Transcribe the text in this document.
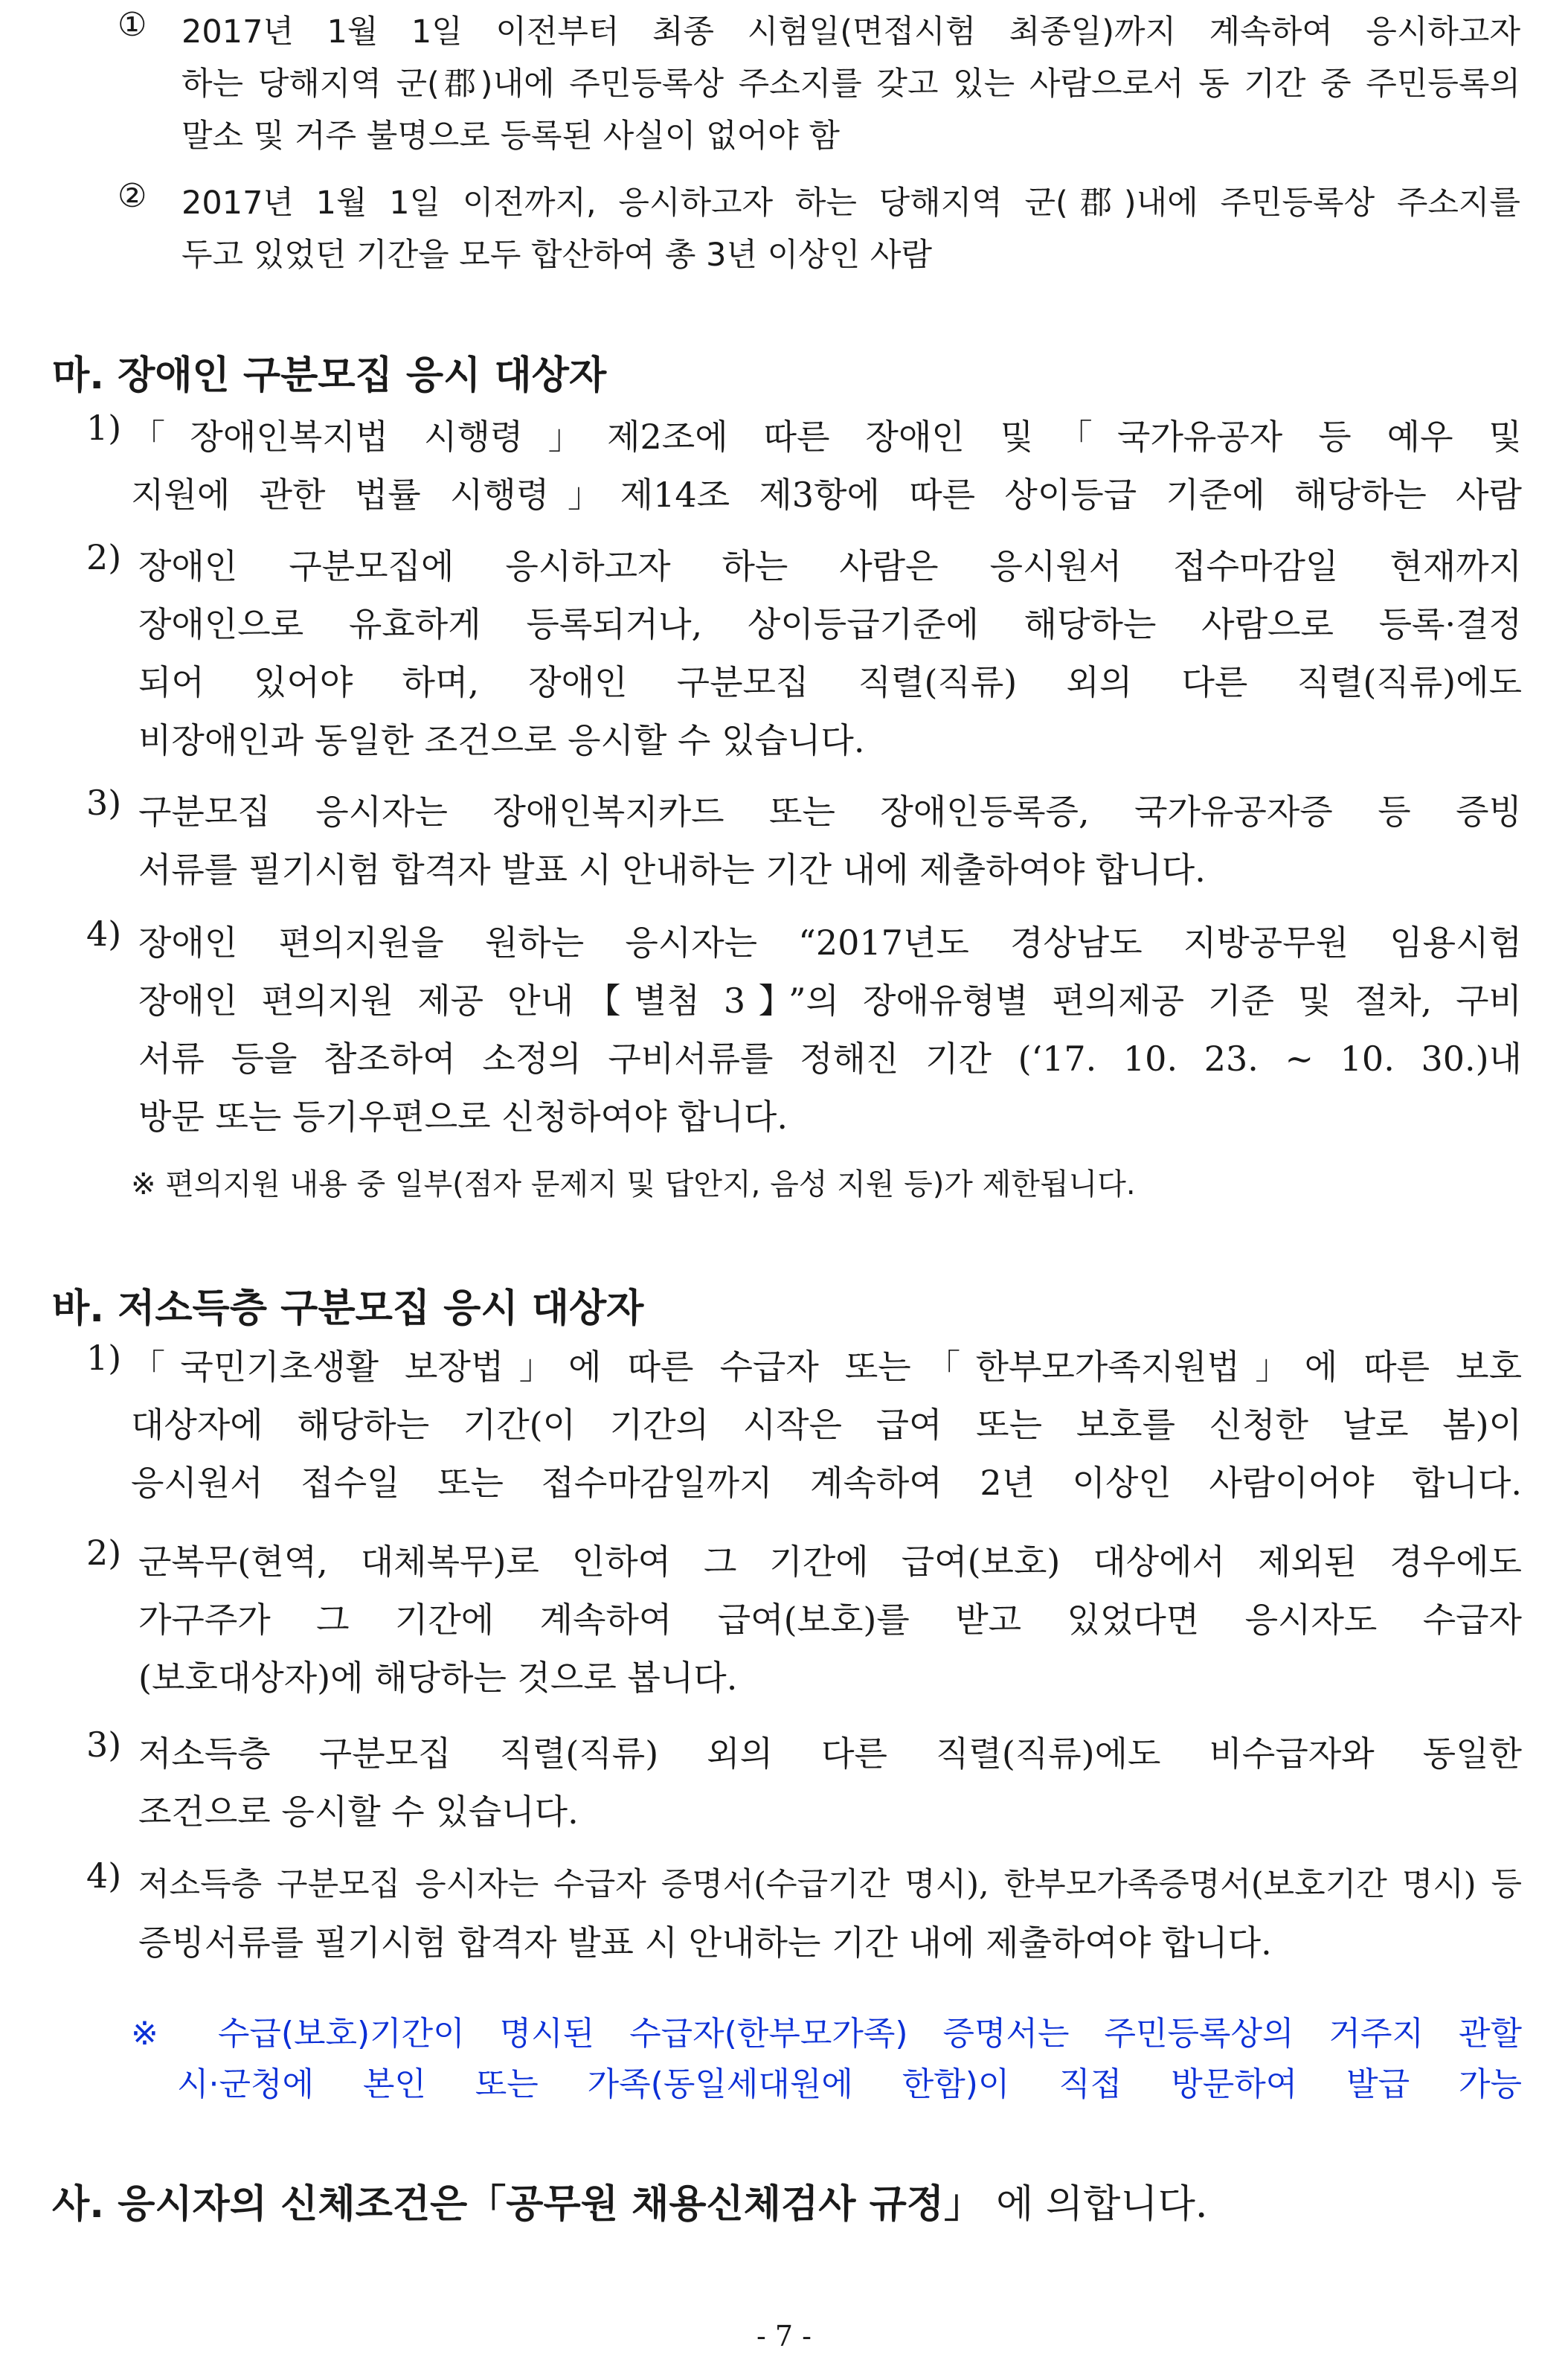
① 2017년 1월 1일 이전부터 최종 시험일(면접시험 최종일)까지 계속하여 응시하고자
하는 당해지역 군(郡)내에 주민등록상 주소지를 갖고 있는 사람으로서 동 기간 중 주민등록의
말소 및 거주 불명으로 등록된 사실이 없어야 함
② 2017년 1월 1일 이전까지, 응시하고자 하는 당해지역 군(郡)내에 주민등록상 주소지를
두고 있었던 기간을 모두 합산하여 총 3년 이상인 사람
마. 장애인 구분모집 응시 대상자
1) 「장애인복지법 시행령」제2조에 따른 장애인 및「국가유공자 등 예우 및
지원에 관한 법률 시행령」제14조 제3항에 따른 상이등급 기준에 해당하는 사람
2) 장애인 구분모집에 응시하고자 하는 사람은 응시원서 접수마감일 현재까지
장애인으로 유효하게 등록되거나, 상이등급기준에 해당하는 사람으로 등록·결정
되어 있어야 하며, 장애인 구분모집 직렬(직류) 외의 다른 직렬(직류)에도
비장애인과 동일한 조건으로 응시할 수 있습니다.
3) 구분모집 응시자는 장애인복지카드 또는 장애인등록증, 국가유공자증 등 증빙
서류를 필기시험 합격자 발표 시 안내하는 기간 내에 제출하여야 합니다.
4) 장애인 편의지원을 원하는 응시자는 “2017년도 경상남도 지방공무원 임용시험
장애인 편의지원 제공 안내【별첨 3】”의 장애유형별 편의제공 기준 및 절차, 구비
서류 등을 참조하여 소정의 구비서류를 정해진 기간 (‘17. 10. 23. ~ 10. 30.)내
방문 또는 등기우편으로 신청하여야 합니다.
※ 편의지원 내용 중 일부(점자 문제지 및 답안지, 음성 지원 등)가 제한됩니다.
바. 저소득층 구분모집 응시 대상자
1) 「국민기초생활 보장법」에 따른 수급자 또는「한부모가족지원법」에 따른 보호
대상자에 해당하는 기간(이 기간의 시작은 급여 또는 보호를 신청한 날로 봄)이
응시원서 접수일 또는 접수마감일까지 계속하여 2년 이상인 사람이어야 합니다.
2) 군복무(현역, 대체복무)로 인하여 그 기간에 급여(보호) 대상에서 제외된 경우에도
가구주가 그 기간에 계속하여 급여(보호)를 받고 있었다면 응시자도 수급자
(보호대상자)에 해당하는 것으로 봅니다.
3) 저소득층 구분모집 직렬(직류) 외의 다른 직렬(직류)에도 비수급자와 동일한
조건으로 응시할 수 있습니다.
4) 저소득층 구분모집 응시자는 수급자 증명서(수급기간 명시), 한부모가족증명서(보호기간 명시) 등
증빙서류를 필기시험 합격자 발표 시 안내하는 기간 내에 제출하여야 합니다.
※ 수급(보호)기간이 명시된 수급자(한부모가족) 증명서는 주민등록상의 거주지 관할
시·군청에 본인 또는 가족(동일세대원에 한함)이 직접 방문하여 발급 가능
사. 응시자의 신체조건은「공무원 채용신체검사 규정」 에 의합니다.
- 7 -
